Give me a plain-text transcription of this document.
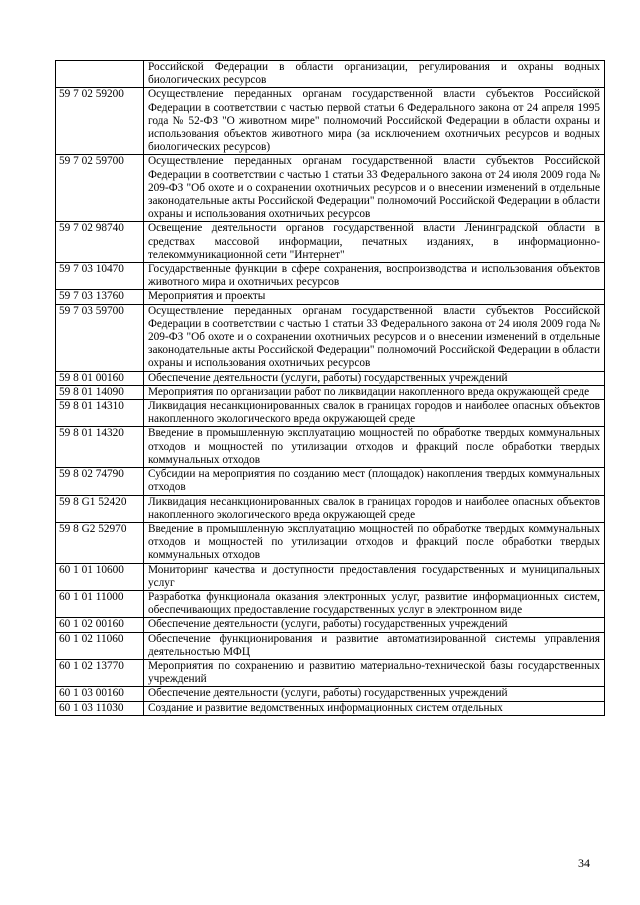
	Российской Федерации в области организации, регулирования и охраны водных биологических ресурсов
59 7 02 59200	Осуществление переданных органам государственной власти субъектов Российской Федерации в соответствии с частью первой статьи 6 Федерального закона от 24 апреля 1995 года № 52-ФЗ "О животном мире" полномочий Российской Федерации в области охраны и использования объектов животного мира (за исключением охотничьих ресурсов и водных биологических ресурсов)
59 7 02 59700	Осуществление переданных органам государственной власти субъектов Российской Федерации в соответствии с частью 1 статьи 33 Федерального закона от 24 июля 2009 года № 209-ФЗ "Об охоте и о сохранении охотничьих ресурсов и о внесении изменений в отдельные законодательные акты Российской Федерации" полномочий Российской Федерации в области охраны и использования охотничьих ресурсов
59 7 02 98740	Освещение деятельности органов государственной власти Ленинградской области в средствах массовой информации, печатных изданиях, в информационно-телекоммуникационной сети "Интернет"
59 7 03 10470	Государственные функции в сфере сохранения, воспроизводства и использования объектов животного мира и охотничьих ресурсов
59 7 03 13760	Мероприятия и проекты
59 7 03 59700	Осуществление переданных органам государственной власти субъектов Российской Федерации в соответствии с частью 1 статьи 33 Федерального закона от 24 июля 2009 года № 209-ФЗ "Об охоте и о сохранении охотничьих ресурсов и о внесении изменений в отдельные законодательные акты Российской Федерации" полномочий Российской Федерации в области охраны и использования охотничьих ресурсов
59 8 01 00160	Обеспечение деятельности (услуги, работы) государственных учреждений
59 8 01 14090	Мероприятия по организации работ по ликвидации накопленного вреда окружающей среде
59 8 01 14310	Ликвидация несанкционированных свалок в границах городов и наиболее опасных объектов накопленного экологического вреда окружающей среде
59 8 01 14320	Введение в промышленную эксплуатацию мощностей по обработке твердых коммунальных отходов и мощностей по утилизации отходов и фракций после обработки твердых коммунальных отходов
59 8 02 74790	Субсидии на мероприятия по созданию мест (площадок) накопления твердых коммунальных отходов
59 8 G1 52420	Ликвидация несанкционированных свалок в границах городов и наиболее опасных объектов накопленного экологического вреда окружающей среде
59 8 G2 52970	Введение в промышленную эксплуатацию мощностей по обработке твердых коммунальных отходов и мощностей по утилизации отходов и фракций после обработки твердых коммунальных отходов
60 1 01 10600	Мониторинг качества и доступности предоставления государственных и муниципальных услуг
60 1 01 11000	Разработка функционала оказания электронных услуг, развитие информационных систем, обеспечивающих предоставление государственных услуг в электронном виде
60 1 02 00160	Обеспечение деятельности (услуги, работы) государственных учреждений
60 1 02 11060	Обеспечение функционирования и развитие автоматизированной системы управления деятельностью МФЦ
60 1 02 13770	Мероприятия по сохранению и развитию материально-технической базы государственных учреждений
60 1 03 00160	Обеспечение деятельности (услуги, работы) государственных учреждений
60 1 03 11030	Создание и развитие ведомственных информационных систем отдельных
34
